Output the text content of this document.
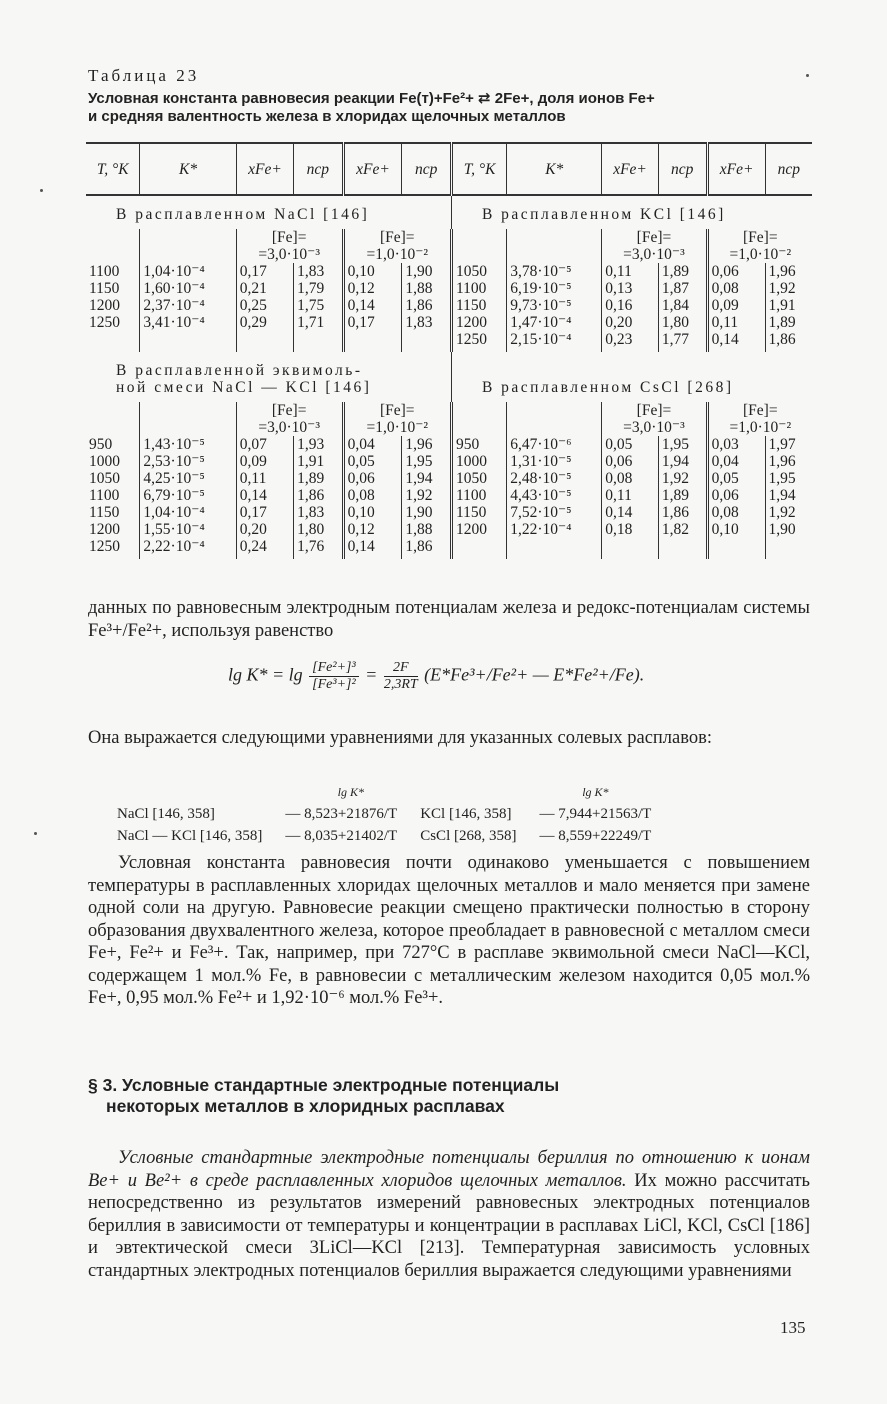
Таблица 23
Условная константа равновесия реакции Fe(т)+Fe²+ ⇄ 2Fe+, доля ионов Fe+
и средняя валентность железа в хлоридах щелочных металлов
T, °K	K*	xFe+	nср	xFe+	nср	T, °K	K*	xFe+	nср	xFe+	nср
В расплавленном NaCl [146]						В расплавленном KCl [146]					
		[Fe]=		[Fe]=				[Fe]=		[Fe]=	
		=3,0·10⁻³		=1,0·10⁻²				=3,0·10⁻³		=1,0·10⁻²	
1100	1,04·10⁻⁴	0,17	1,83	0,10	1,90	1050	3,78·10⁻⁵	0,11	1,89	0,06	1,96
1150	1,60·10⁻⁴	0,21	1,79	0,12	1,88	1100	6,19·10⁻⁵	0,13	1,87	0,08	1,92
1200	2,37·10⁻⁴	0,25	1,75	0,14	1,86	1150	9,73·10⁻⁵	0,16	1,84	0,09	1,91
1250	3,41·10⁻⁴	0,29	1,71	0,17	1,83	1200	1,47·10⁻⁴	0,20	1,80	0,11	1,89
						1250	2,15·10⁻⁴	0,23	1,77	0,14	1,86
В расплавленной эквимоль-
ной смеси NaCl — KCl [146]						В расплавленном CsCl [268]					
		[Fe]=		[Fe]=				[Fe]=		[Fe]=	
		=3,0·10⁻³		=1,0·10⁻²				=3,0·10⁻³		=1,0·10⁻²	
950	1,43·10⁻⁵	0,07	1,93	0,04	1,96	950	6,47·10⁻⁶	0,05	1,95	0,03	1,97
1000	2,53·10⁻⁵	0,09	1,91	0,05	1,95	1000	1,31·10⁻⁵	0,06	1,94	0,04	1,96
1050	4,25·10⁻⁵	0,11	1,89	0,06	1,94	1050	2,48·10⁻⁵	0,08	1,92	0,05	1,95
1100	6,79·10⁻⁵	0,14	1,86	0,08	1,92	1100	4,43·10⁻⁵	0,11	1,89	0,06	1,94
1150	1,04·10⁻⁴	0,17	1,83	0,10	1,90	1150	7,52·10⁻⁵	0,14	1,86	0,08	1,92
1200	1,55·10⁻⁴	0,20	1,80	0,12	1,88	1200	1,22·10⁻⁴	0,18	1,82	0,10	1,90
1250	2,22·10⁻⁴	0,24	1,76	0,14	1,86						
данных по равновесным электродным потенциалам железа и редокс-потенциалам системы Fe³+/Fe²+, используя равенство
$\lg K* = \lg \frac{\text{[Fe²+]³}}{\text{[Fe³+]²}} = \frac{2F}{2,3RT} (E*Fe^3+/Fe^2+$ — E*Fe²+/Fe).
Она выражается следующими уравнениями для указанных солевых расплавов:
	lg K*		lg K*
NaCl [146, 358]	— 8,523+21876/T	KCl [146, 358]	— 7,944+21563/T
NaCl — KCl [146, 358]	— 8,035+21402/T	CsCl [268, 358]	— 8,559+22249/T
Условная константа равновесия почти одинаково уменьшается с повышением температуры в расплавленных хлоридах щелочных металлов и мало меняется при замене одной соли на другую. Равновесие реакции смещено практически полностью в сторону образования двухвалентного железа, которое преобладает в равновесной с металлом смеси Fe+, Fe²+ и Fe³+. Так, например, при 727°C в расплаве эквимольной смеси NaCl—KCl, содержащем 1 мол.% Fe, в равновесии с металлическим железом находится 0,05 мол.% Fe+, 0,95 мол.% Fe²+ и 1,92·10⁻⁶ мол.% Fe³+.
§ 3. Условные стандартные электродные потенциалы
некоторых металлов в хлоридных расплавах
Условные стандартные электродные потенциалы бериллия по отношению к ионам Be+ и Be²+ в среде расплавленных хлоридов щелочных металлов. Их можно рассчитать непосредственно из результатов измерений равновесных электродных потенциалов бериллия в зависимости от температуры и концентрации в расплавах LiCl, KCl, CsCl [186] и эвтектической смеси 3LiCl—KCl [213]. Температурная зависимость условных стандартных электродных потенциалов бериллия выражается следующими уравнениями
135
